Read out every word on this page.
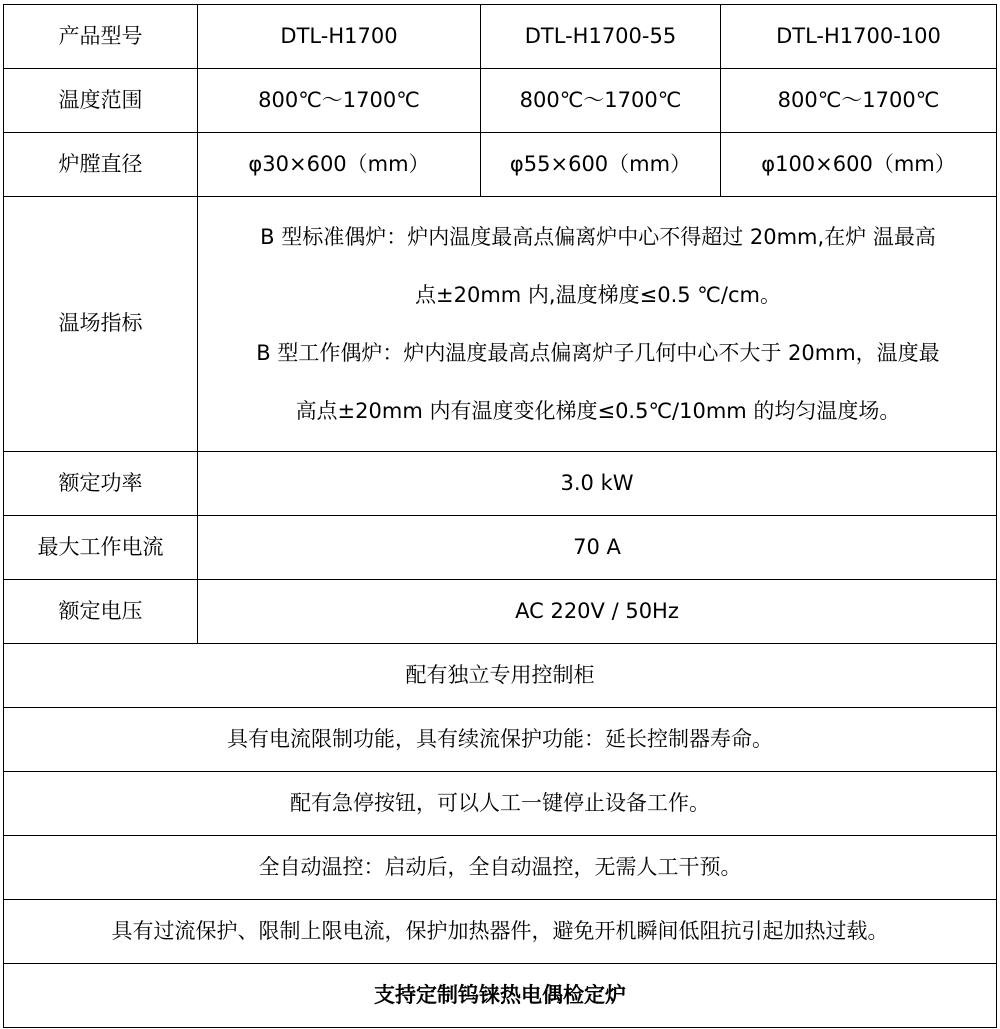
产品型号	DTL-H1700	DTL-H1700-55	DTL-H1700-100
温度范围	800℃～1700℃	800℃～1700℃	800℃～1700℃
炉膛直径	φ30×600（mm）	φ55×600（mm）	φ100×600（mm）
温场指标	B 型标准偶炉：炉内温度最高点偏离炉中心不得超过 20mm,在炉 温最高

点±20mm 内,温度梯度≤0.5 ℃/cm。

B 型工作偶炉：炉内温度最高点偏离炉子几何中心不大于 20mm，温度最

高点±20mm 内有温度变化梯度≤0.5℃/10mm 的均匀温度场。		

额定功率	3.0 kW		
最大工作电流	70 A		
额定电压	AC 220V / 50Hz		
配有独立专用控制柜			
具有电流限制功能，具有续流保护功能：延长控制器寿命。			
配有急停按钮，可以人工一键停止设备工作。			
全自动温控：启动后，全自动温控，无需人工干预。			
具有过流保护、限制上限电流，保护加热器件，避免开机瞬间低阻抗引起加热过载。			
支持定制钨铼热电偶检定炉			
